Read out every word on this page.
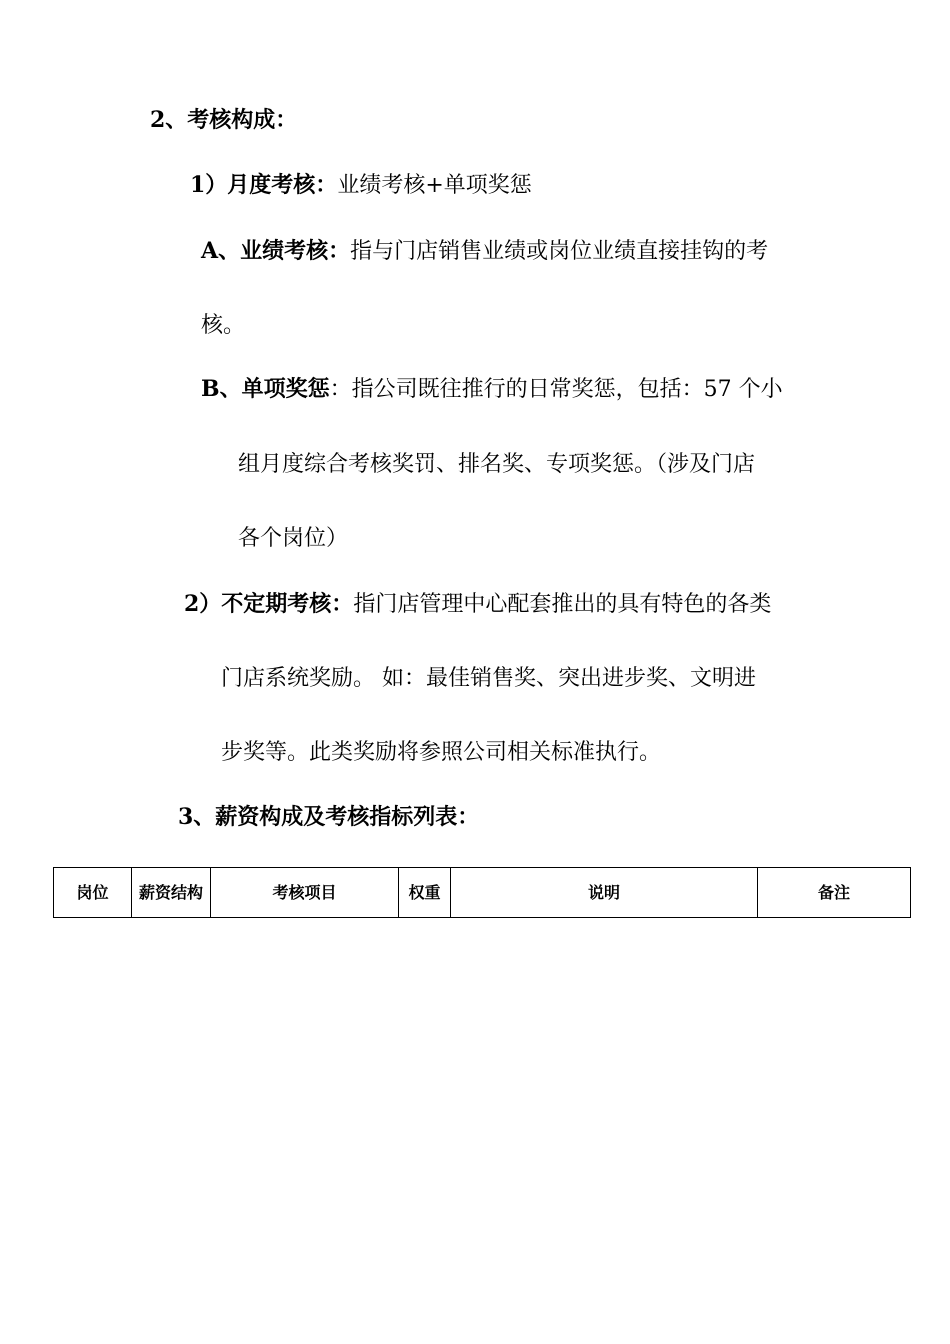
2、考核构成：
1）月度考核：业绩考核+单项奖惩
A、业绩考核：指与门店销售业绩或岗位业绩直接挂钩的考
核。
B、单项奖惩：指公司既往推行的日常奖惩，包括：57 个小
组月度综合考核奖罚、排名奖、专项奖惩。（涉及门店
各个岗位）
2）不定期考核：指门店管理中心配套推出的具有特色的各类
门店系统奖励。 如：最佳销售奖、突出进步奖、文明进
步奖等。此类奖励将参照公司相关标准执行。
3、薪资构成及考核指标列表：
岗位	薪资结构	考核项目	权重	说明	备注
